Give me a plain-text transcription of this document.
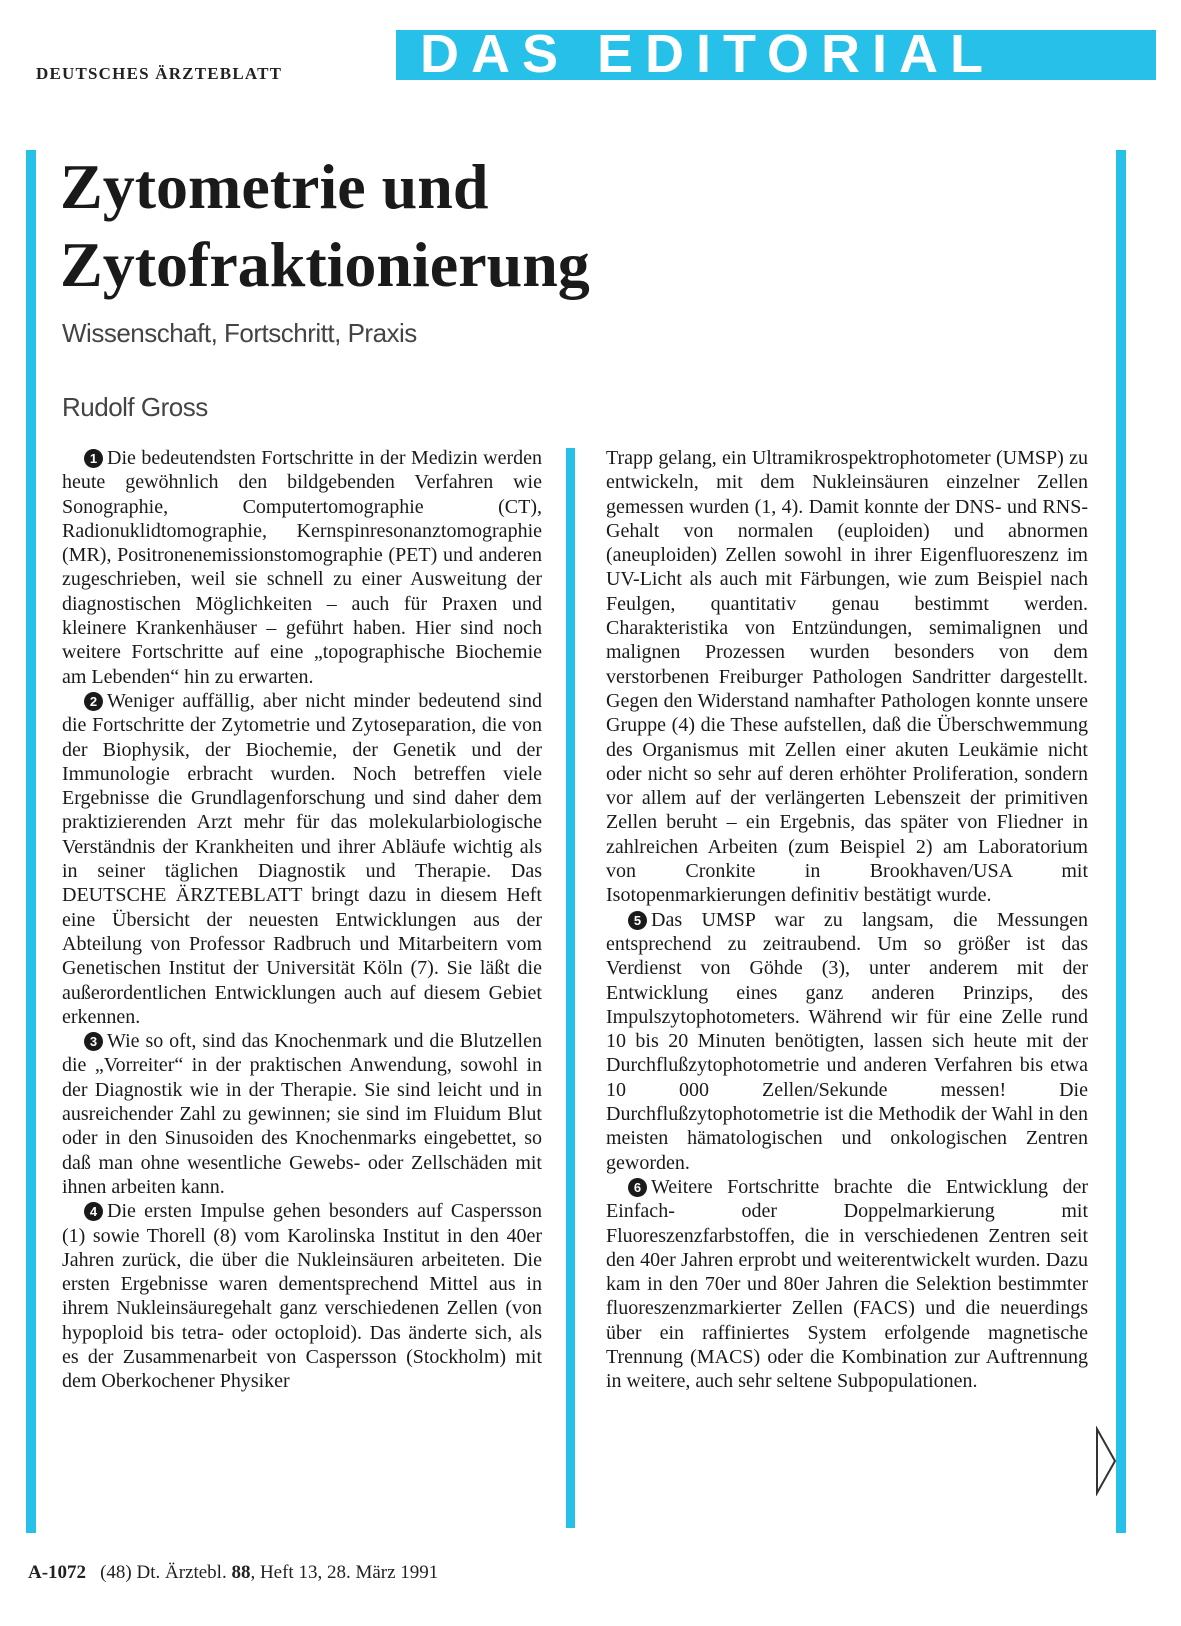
DEUTSCHES ÄRZTEBLATT	DAS EDITORIAL
Zytometrie und
Zytofraktionierung
Wissenschaft, Fortschritt, Praxis
Rudolf Gross

1 Die bedeutendsten Fortschritte in der Medizin werden heute gewöhnlich den bildgebenden Verfahren wie Sonographie, Computertomographie (CT), Radionuklidtomographie, Kernspinresonanztomographie (MR), Positronenemissionstomographie (PET) und anderen zugeschrieben, weil sie schnell zu einer Ausweitung der diagnostischen Möglichkeiten – auch für Praxen und kleinere Krankenhäuser – geführt haben. Hier sind noch weitere Fortschritte auf eine „topographische Biochemie am Lebenden“ hin zu erwarten.

2 Weniger auffällig, aber nicht minder bedeutend sind die Fortschritte der Zytometrie und Zytoseparation, die von der Biophysik, der Biochemie, der Genetik und der Immunologie erbracht wurden. Noch betreffen viele Ergebnisse die Grundlagenforschung und sind daher dem praktizierenden Arzt mehr für das molekularbiologische Verständnis der Krankheiten und ihrer Abläufe wichtig als in seiner täglichen Diagnostik und Therapie. Das DEUTSCHE ÄRZTEBLATT bringt dazu in diesem Heft eine Übersicht der neuesten Entwicklungen aus der Abteilung von Professor Radbruch und Mitarbeitern vom Genetischen Institut der Universität Köln (7). Sie läßt die außerordentlichen Entwicklungen auch auf diesem Gebiet erkennen.

3 Wie so oft, sind das Knochenmark und die Blutzellen die „Vorreiter“ in der praktischen Anwendung, sowohl in der Diagnostik wie in der Therapie. Sie sind leicht und in ausreichender Zahl zu gewinnen; sie sind im Fluidum Blut oder in den Sinusoiden des Knochenmarks eingebettet, so daß man ohne wesentliche Gewebs- oder Zellschäden mit ihnen arbeiten kann.

4 Die ersten Impulse gehen besonders auf Caspersson (1) sowie Thorell (8) vom Karolinska Institut in den 40er Jahren zurück, die über die Nukleinsäuren arbeiteten. Die ersten Ergebnisse waren dementsprechend Mittel aus in ihrem Nukleinsäuregehalt ganz verschiedenen Zellen (von hypoploid bis tetra- oder octoploid). Das änderte sich, als es der Zusammenarbeit von Caspersson (Stockholm) mit dem Oberkochener Physiker

Trapp gelang, ein Ultramikrospektrophotometer (UMSP) zu entwickeln, mit dem Nukleinsäuren einzelner Zellen gemessen wurden (1, 4). Damit konnte der DNS- und RNS-Gehalt von normalen (euploiden) und abnormen (aneuploiden) Zellen sowohl in ihrer Eigenfluoreszenz im UV-Licht als auch mit Färbungen, wie zum Beispiel nach Feulgen, quantitativ genau bestimmt werden. Charakteristika von Entzündungen, semimalignen und malignen Prozessen wurden besonders von dem verstorbenen Freiburger Pathologen Sandritter dargestellt. Gegen den Widerstand namhafter Pathologen konnte unsere Gruppe (4) die These aufstellen, daß die Überschwemmung des Organismus mit Zellen einer akuten Leukämie nicht oder nicht so sehr auf deren erhöhter Proliferation, sondern vor allem auf der verlängerten Lebenszeit der primitiven Zellen beruht – ein Ergebnis, das später von Fliedner in zahlreichen Arbeiten (zum Beispiel 2) am Laboratorium von Cronkite in Brookhaven/USA mit Isotopenmarkierungen definitiv bestätigt wurde.

5 Das UMSP war zu langsam, die Messungen entsprechend zu zeitraubend. Um so größer ist das Verdienst von Göhde (3), unter anderem mit der Entwicklung eines ganz anderen Prinzips, des Impulszytophotometers. Während wir für eine Zelle rund 10 bis 20 Minuten benötigten, lassen sich heute mit der Durchflußzytophotometrie und anderen Verfahren bis etwa 10 000 Zellen/Sekunde messen! Die Durchflußzytophotometrie ist die Methodik der Wahl in den meisten hämatologischen und onkologischen Zentren geworden.

6 Weitere Fortschritte brachte die Entwicklung der Einfach- oder Doppelmarkierung mit Fluoreszenzfarbstoffen, die in verschiedenen Zentren seit den 40er Jahren erprobt und weiterentwickelt wurden. Dazu kam in den 70er und 80er Jahren die Selektion bestimmter fluoreszenzmarkierter Zellen (FACS) und die neuerdings über ein raffiniertes System erfolgende magnetische Trennung (MACS) oder die Kombination zur Auftrennung in weitere, auch sehr seltene Subpopulationen.

A-1072 (48) Dt. Ärztebl. 88, Heft 13, 28. März 1991
